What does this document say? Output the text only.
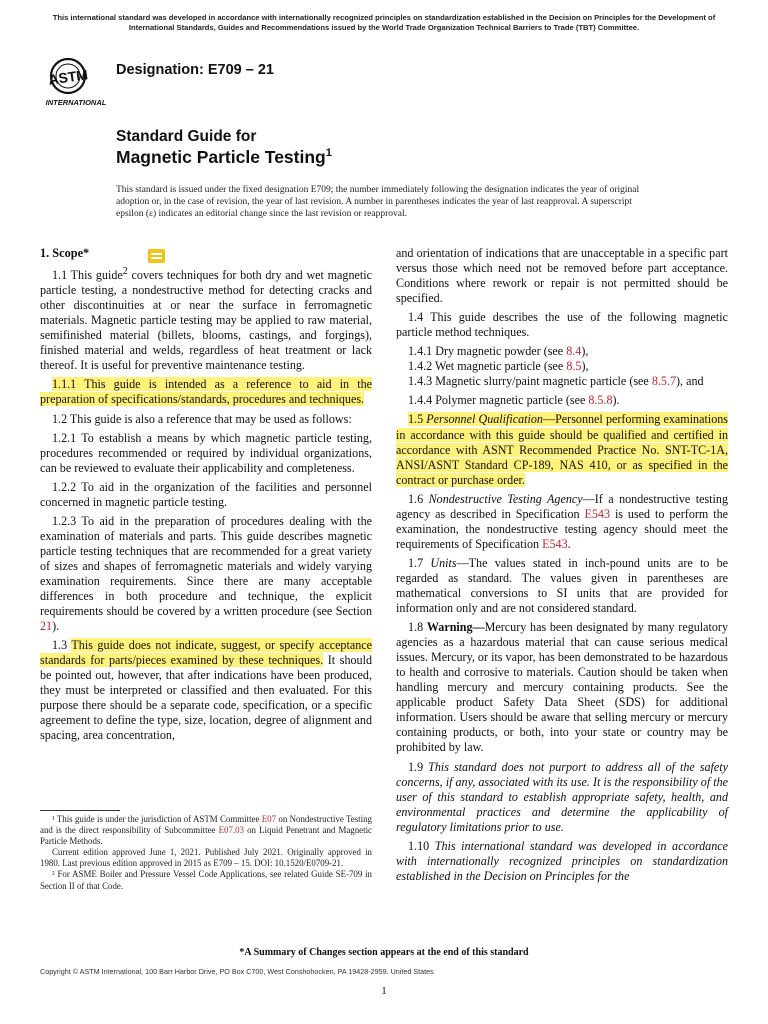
This international standard was developed in accordance with internationally recognized principles on standardization established in the Decision on Principles for the Development of International Standards, Guides and Recommendations issued by the World Trade Organization Technical Barriers to Trade (TBT) Committee.
ASTM
INTERNATIONAL
Designation: E709 – 21
Standard Guide for
Magnetic Particle Testing$^1$
This standard is issued under the fixed designation E709; the number immediately following the designation indicates the year of original adoption or, in the case of revision, the year of last revision. A number in parentheses indicates the year of last reapproval. A superscript epsilon (ε) indicates an editorial change since the last revision or reapproval.
1. Scope*

1.1 This guide$^2$ covers techniques for both dry and wet magnetic particle testing, a nondestructive method for detecting cracks and other discontinuities at or near the surface in ferromagnetic materials. Magnetic particle testing may be applied to raw material, semifinished material (billets, blooms, castings, and forgings), finished material and welds, regardless of heat treatment or lack thereof. It is useful for preventive maintenance testing.

1.1.1 This guide is intended as a reference to aid in the preparation of specifications/standards, procedures and techniques.

1.2 This guide is also a reference that may be used as follows:

1.2.1 To establish a means by which magnetic particle testing, procedures recommended or required by individual organizations, can be reviewed to evaluate their applicability and completeness.

1.2.2 To aid in the organization of the facilities and personnel concerned in magnetic particle testing.

1.2.3 To aid in the preparation of procedures dealing with the examination of materials and parts. This guide describes magnetic particle testing techniques that are recommended for a great variety of sizes and shapes of ferromagnetic materials and widely varying examination requirements. Since there are many acceptable differences in both procedure and technique, the explicit requirements should be covered by a written procedure (see Section 21).

1.3 This guide does not indicate, suggest, or specify acceptance standards for parts/pieces examined by these techniques. It should be pointed out, however, that after indications have been produced, they must be interpreted or classified and then evaluated. For this purpose there should be a separate code, specification, or a specific agreement to define the type, size, location, degree of alignment and spacing, area concentration,

¹ This guide is under the jurisdiction of ASTM Committee E07 on Nondestructive Testing and is the direct responsibility of Subcommittee E07.03 on Liquid Penetrant and Magnetic Particle Methods.

Current edition approved June 1, 2021. Published July 2021. Originally approved in 1980. Last previous edition approved in 2015 as E709 – 15. DOI: 10.1520/E0709-21.

² For ASME Boiler and Pressure Vessel Code Applications, see related Guide SE-709 in Section II of that Code.

and orientation of indications that are unacceptable in a specific part versus those which need not be removed before part acceptance. Conditions where rework or repair is not permitted should be specified.

1.4 This guide describes the use of the following magnetic particle method techniques.

1.4.1 Dry magnetic powder (see 8.4),

1.4.2 Wet magnetic particle (see 8.5),

1.4.3 Magnetic slurry/paint magnetic particle (see 8.5.7), and

1.4.4 Polymer magnetic particle (see 8.5.8).

1.5 Personnel Qualification—Personnel performing examinations in accordance with this guide should be qualified and certified in accordance with ASNT Recommended Practice No. SNT-TC-1A, ANSI/ASNT Standard CP-189, NAS 410, or as specified in the contract or purchase order.

1.6 Nondestructive Testing Agency—If a nondestructive testing agency as described in Specification E543 is used to perform the examination, the nondestructive testing agency should meet the requirements of Specification E543.

1.7 Units—The values stated in inch-pound units are to be regarded as standard. The values given in parentheses are mathematical conversions to SI units that are provided for information only and are not considered standard.

1.8 Warning—Mercury has been designated by many regulatory agencies as a hazardous material that can cause serious medical issues. Mercury, or its vapor, has been demonstrated to be hazardous to health and corrosive to materials. Caution should be taken when handling mercury and mercury containing products. See the applicable product Safety Data Sheet (SDS) for additional information. Users should be aware that selling mercury or mercury containing products, or both, into your state or country may be prohibited by law.

1.9 This standard does not purport to address all of the safety concerns, if any, associated with its use. It is the responsibility of the user of this standard to establish appropriate safety, health, and environmental practices and determine the applicability of regulatory limitations prior to use.

1.10 This international standard was developed in accordance with internationally recognized principles on standardization established in the Decision on Principles for the

*A Summary of Changes section appears at the end of this standard
Copyright © ASTM International, 100 Barr Harbor Drive, PO Box C700, West Conshohocken, PA 19428-2959. United States
1
